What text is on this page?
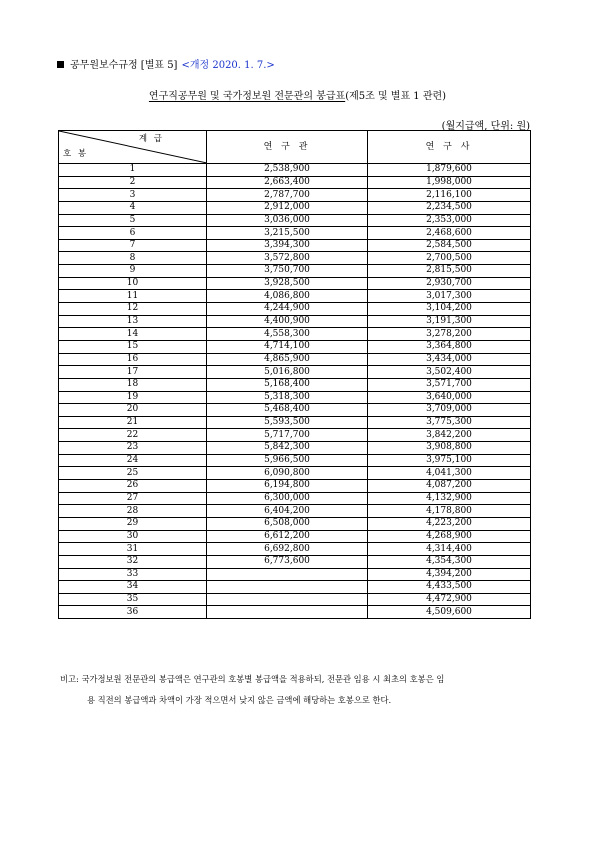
공무원보수규정 [별표 5] <개정 2020. 1. 7.>
연구직공무원 및 국가정보원 전문관의 봉급표(제5조 및 별표 1 관련)
(월지급액, 단위: 원)
계 급
호 봉	연 구 관	연 구 사
1	2,538,900	1,879,600
2	2,663,400	1,998,000
3	2,787,700	2,116,100
4	2,912,000	2,234,500
5	3,036,000	2,353,000
6	3,215,500	2,468,600
7	3,394,300	2,584,500
8	3,572,800	2,700,500
9	3,750,700	2,815,500
10	3,928,500	2,930,700
11	4,086,800	3,017,300
12	4,244,900	3,104,200
13	4,400,900	3,191,300
14	4,558,300	3,278,200
15	4,714,100	3,364,800
16	4,865,900	3,434,000
17	5,016,800	3,502,400
18	5,168,400	3,571,700
19	5,318,300	3,640,000
20	5,468,400	3,709,000
21	5,593,500	3,775,300
22	5,717,700	3,842,200
23	5,842,300	3,908,800
24	5,966,500	3,975,100
25	6,090,800	4,041,300
26	6,194,800	4,087,200
27	6,300,000	4,132,900
28	6,404,200	4,178,800
29	6,508,000	4,223,200
30	6,612,200	4,268,900
31	6,692,800	4,314,400
32	6,773,600	4,354,300
33		4,394,200
34		4,433,500
35		4,472,900
36		4,509,600
비고: 국가정보원 전문관의 봉급액은 연구관의 호봉별 봉급액을 적용하되, 전문관 임용 시 최초의 호봉은 임
용 직전의 봉급액과 차액이 가장 적으면서 낮지 않은 금액에 해당하는 호봉으로 한다.
